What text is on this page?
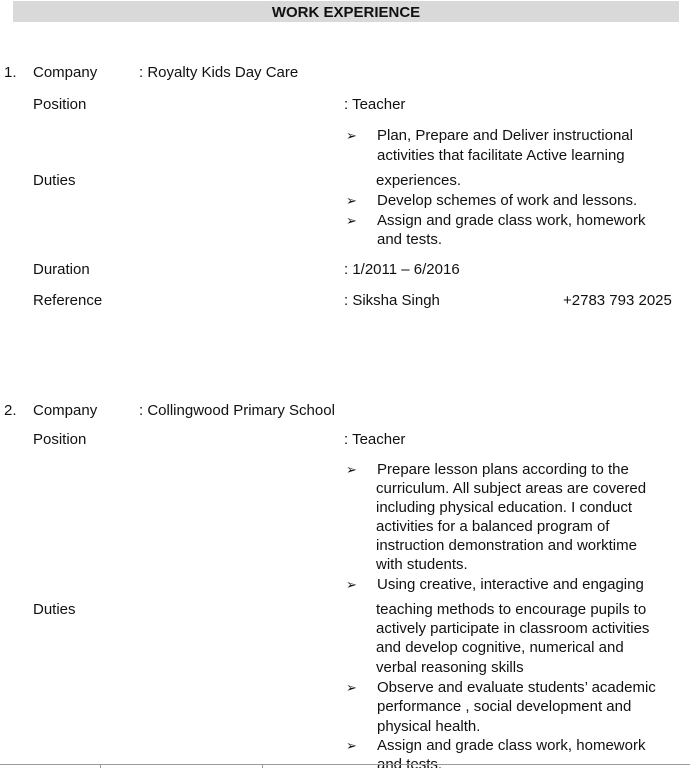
WORK EXPERIENCE
1. Company	: Royalty Kids Day Care
Position	: Teacher
➢ Plan, Prepare and Deliver instructional
activities that facilitate Active learning
Duties	experiences.
➢ Develop schemes of work and lessons.
➢ Assign and grade class work, homework
and tests.
Duration	: 1/2011 – 6/2016
Reference	: Siksha Singh	+2783 793 2025
2. Company	: Collingwood Primary School
Position	: Teacher
➢ Prepare lesson plans according to the
curriculum. All subject areas are covered
including physical education. I conduct
activities for a balanced program of
instruction demonstration and worktime
with students.
➢ Using creative, interactive and engaging
Duties	teaching methods to encourage pupils to
actively participate in classroom activities
and develop cognitive, numerical and
verbal reasoning skills
➢ Observe and evaluate students’ academic
performance , social development and
physical health.
➢ Assign and grade class work, homework
and tests.
